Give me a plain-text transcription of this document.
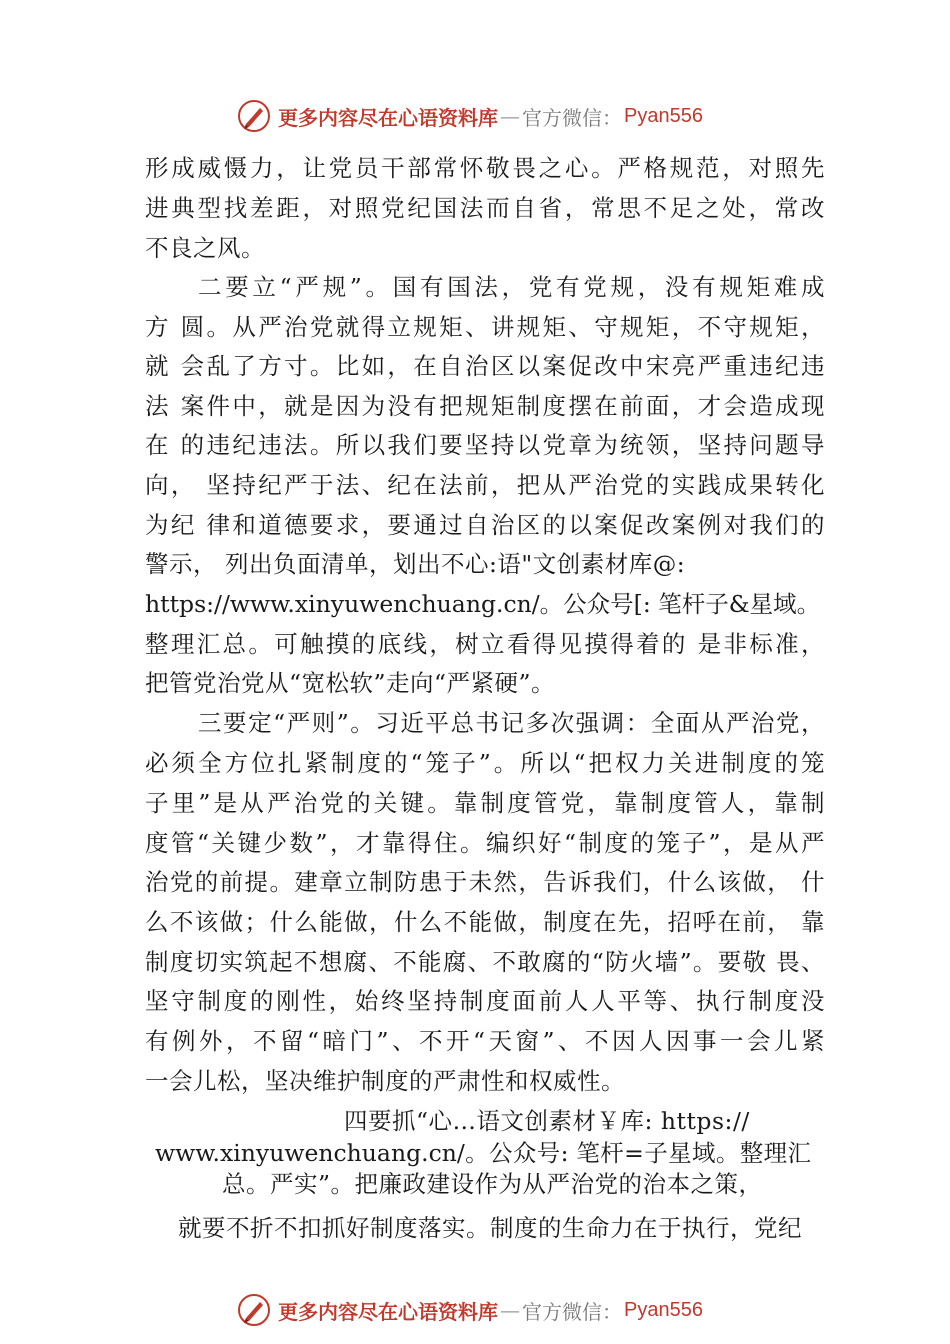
更多内容尽在心语资料库 — 官方微信： Pyan556
形成威慑力，让党员干部常怀敬畏之心。严格规范，对照先
进典型找差距，对照党纪国法而自省，常思不足之处，常改
不良之风。
二要立“严规”。国有国法，党有党规，没有规矩难成
方 圆。从严治党就得立规矩、讲规矩、守规矩，不守规矩，
就 会乱了方寸。比如，在自治区以案促改中宋亮严重违纪违
法 案件中，就是因为没有把规矩制度摆在前面，才会造成现
在 的违纪违法。所以我们要坚持以党章为统领，坚持问题导
向， 坚持纪严于法、纪在法前，把从严治党的实践成果转化
为纪 律和道德要求，要通过自治区的以案促改案例对我们的
警示， 列出负面清单，划出不心:语"文创素材库@:
https://www.xinyuwenchuang.cn/。公众号[: 笔杆子&星域。
整理汇总。可触摸的底线，树立看得见摸得着的 是非标准，
把管党治党从“宽松软”走向“严紧硬”。
三要定“严则”。习近平总书记多次强调：全面从严治党，
必须全方位扎紧制度的“笼子”。所以“把权力关进制度的笼
子里”是从严治党的关键。靠制度管党，靠制度管人，靠制
度管“关键少数”，才靠得住。编织好“制度的笼子”，是从严
治党的前提。建章立制防患于未然，告诉我们，什么该做， 什
么不该做；什么能做，什么不能做，制度在先，招呼在前， 靠
制度切实筑起不想腐、不能腐、不敢腐的“防火墙”。要敬 畏、
坚守制度的刚性，始终坚持制度面前人人平等、执行制度没
有例外，不留“暗门”、不开“天窗”、不因人因事一会儿紧
一会儿松，坚决维护制度的严肃性和权威性。
四要抓“心…语文创素材￥库: https://
www.xinyuwenchuang.cn/。公众号: 笔杆=子星域。整理汇
总。严实”。把廉政建设作为从严治党的治本之策，
就要不折不扣抓好制度落实。制度的生命力在于执行，党纪
更多内容尽在心语资料库 — 官方微信： Pyan556
